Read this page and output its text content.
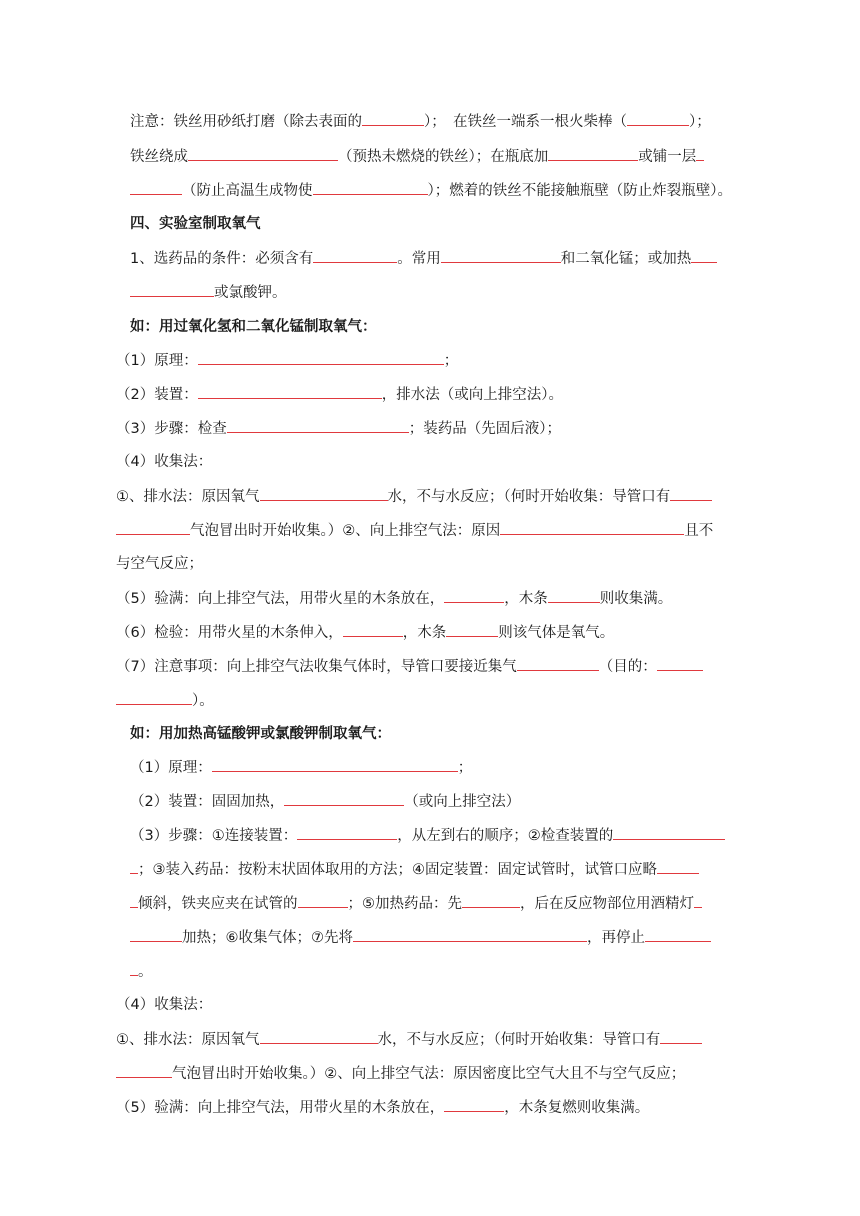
注意：铁丝用砂纸打磨（除去表面的	）；　在铁丝一端系一根火柴棒（	）；
铁丝绕成	（预热未燃烧的铁丝）；在瓶底加	或铺一层
（防止高温生成物使	）；燃着的铁丝不能接触瓶壁（防止炸裂瓶壁）。
四、实验室制取氧气
1、选药品的条件：必须含有	。常用	和二氧化锰；或加热
或氯酸钾。
如：用过氧化氢和二氧化锰制取氧气：
（1）原理：	；
（2）装置：	，排水法（或向上排空法）。
（3）步骤：检查	；装药品（先固后液）；
（4）收集法：
①、排水法：原因氧气	水，不与水反应；（何时开始收集：导管口有
气泡冒出时开始收集。）②、向上排空气法：原因	且不
与空气反应；
（5）验满：向上排空气法，用带火星的木条放在，	，木条	则收集满。
（6）检验：用带火星的木条伸入，	，木条	则该气体是氧气。
（7）注意事项：向上排空气法收集气体时，导管口要接近集气	（目的：
）。
如：用加热高锰酸钾或氯酸钾制取氧气：
（1）原理：	；
（2）装置：固固加热，	（或向上排空法）
（3）步骤：①连接装置：	，从左到右的顺序；②检查装置的
；③装入药品：按粉末状固体取用的方法；④固定装置：固定试管时，试管口应略
倾斜，铁夹应夹在试管的	；⑤加热药品：先	，后在反应物部位用酒精灯
加热；⑥收集气体；⑦先将	，再停止
。
（4）收集法：
①、排水法：原因氧气	水，不与水反应；（何时开始收集：导管口有
气泡冒出时开始收集。）②、向上排空气法：原因密度比空气大且不与空气反应；
（5）验满：向上排空气法，用带火星的木条放在，	，木条复燃则收集满。
